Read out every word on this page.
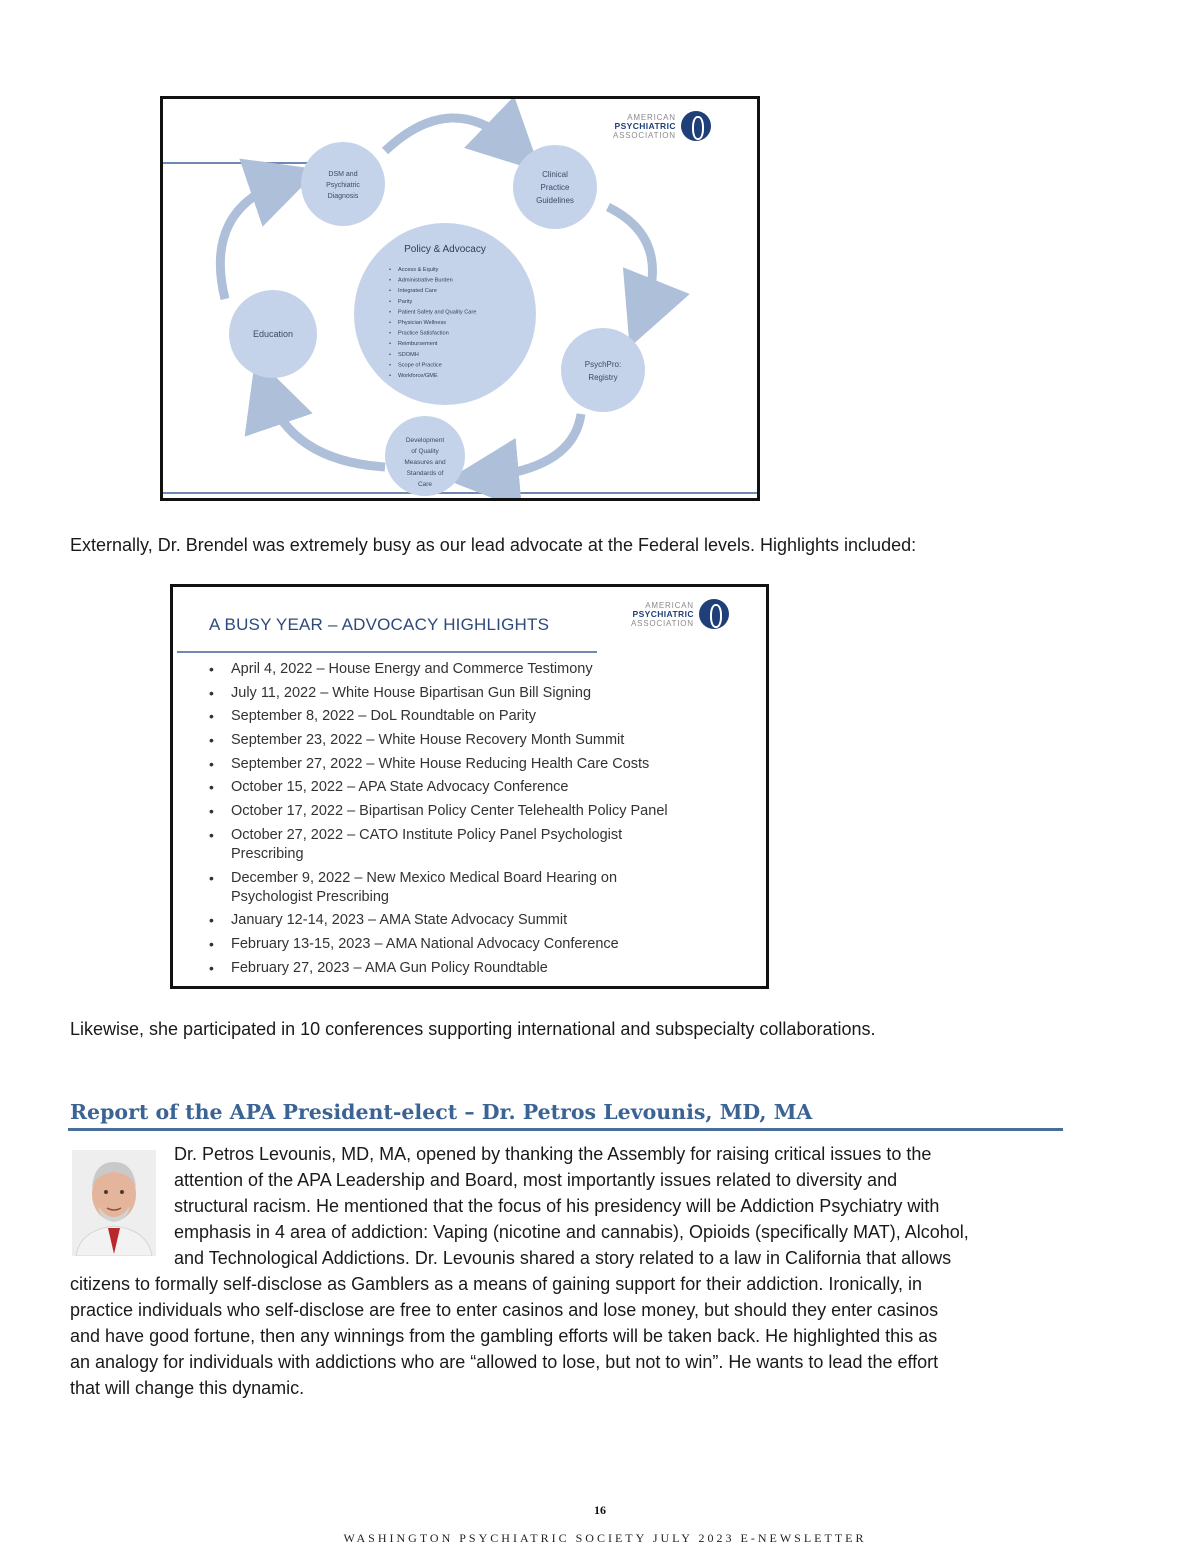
DSM and
Psychiatric
Diagnosis
Clinical
Practice
Guidelines
PsychPro:
Registry
Development
of Quality
Measures and
Standards of
Care
Education
Policy & Advocacy
• Access & Equity
• Administrative Burden
• Integrated Care
• Parity
• Patient Safety and Quality Care
• Physician Wellness
• Practice Satisfaction
• Reimbursement
• SDOMH
• Scope of Practice
• Workforce/GME
AMERICAN
PSYCHIATRIC
ASSOCIATION
Externally, Dr. Brendel was extremely busy as our lead advocate at the Federal levels. Highlights included:
A BUSY YEAR – ADVOCACY HIGHLIGHTS
AMERICAN
PSYCHIATRIC
ASSOCIATION
• April 4, 2022 – House Energy and Commerce Testimony
• July 11, 2022 – White House Bipartisan Gun Bill Signing
• September 8, 2022 – DoL Roundtable on Parity
• September 23, 2022 – White House Recovery Month Summit
• September 27, 2022 – White House Reducing Health Care Costs
• October 15, 2022 – APA State Advocacy Conference
• October 17, 2022 – Bipartisan Policy Center Telehealth Policy Panel
• October 27, 2022 – CATO Institute Policy Panel Psychologist Prescribing
• December 9, 2022 – New Mexico Medical Board Hearing on Psychologist Prescribing
• January 12-14, 2023 – AMA State Advocacy Summit
• February 13-15, 2023 – AMA National Advocacy Conference
• February 27, 2023 – AMA Gun Policy Roundtable
Likewise, she participated in 10 conferences supporting international and subspecialty collaborations.
Report of the APA President-elect – Dr. Petros Levounis, MD, MA
Dr. Petros Levounis, MD, MA, opened by thanking the Assembly for raising critical issues to the
attention of the APA Leadership and Board, most importantly issues related to diversity and
structural racism. He mentioned that the focus of his presidency will be Addiction Psychiatry with
emphasis in 4 area of addiction: Vaping (nicotine and cannabis), Opioids (specifically MAT), Alcohol,
and Technological Addictions. Dr. Levounis shared a story related to a law in California that allows
citizens to formally self-disclose as Gamblers as a means of gaining support for their addiction. Ironically, in
practice individuals who self-disclose are free to enter casinos and lose money, but should they enter casinos
and have good fortune, then any winnings from the gambling efforts will be taken back. He highlighted this as
an analogy for individuals with addictions who are “allowed to lose, but not to win”. He wants to lead the effort
that will change this dynamic.
16
WASHINGTON PSYCHIATRIC SOCIETY JULY 2023 E-NEWSLETTER
